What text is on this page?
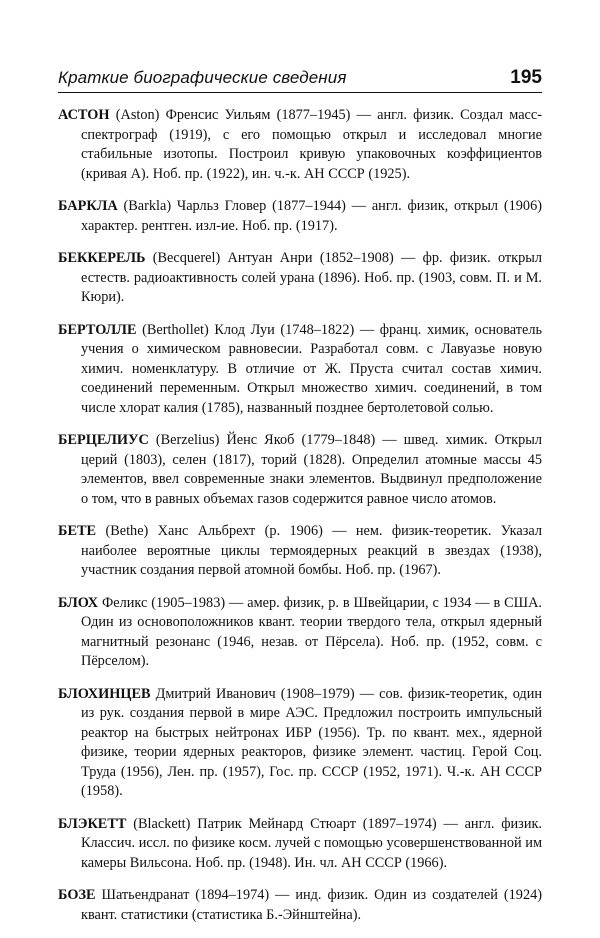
Краткие биографические сведения	195

АСТОН (Aston) Френсис Уильям (1877–1945) — англ. физик. Создал масс-спектрограф (1919), с его помощью открыл и исследовал многие стабильные изотопы. Построил кривую упаковочных коэффициентов (кривая А). Ноб. пр. (1922), ин. ч.-к. АН СССР (1925).

БАРКЛА (Barkla) Чарльз Гловер (1877–1944) — англ. физик, открыл (1906) характер. рентген. изл-ие. Ноб. пр. (1917).

БЕККЕРЕЛЬ (Becquerel) Антуан Анри (1852–1908) — фр. физик. открыл естеств. радиоактивность солей урана (1896). Ноб. пр. (1903, совм. П. и М. Кюри).

БЕРТОЛЛЕ (Berthollet) Клод Луи (1748–1822) — франц. химик, основатель учения о химическом равновесии. Разработал совм. с Лавуазье новую химич. номенклатуру. В отличие от Ж. Пруста считал состав химич. соединений переменным. Открыл множество химич. соединений, в том числе хлорат калия (1785), названный позднее бертолетовой солью.

БЕРЦЕЛИУС (Berzelius) Йенс Якоб (1779–1848) — швед. химик. Открыл церий (1803), селен (1817), торий (1828). Определил атомные массы 45 элементов, ввел современные знаки элементов. Выдвинул предположение о том, что в равных объемах газов содержится равное число атомов.

БЕТЕ (Bethe) Ханс Альбрехт (р. 1906) — нем. физик-теоретик. Указал наиболее вероятные циклы термоядерных реакций в звездах (1938), участник создания первой атомной бомбы. Ноб. пр. (1967).

БЛОХ Феликс (1905–1983) — амер. физик, р. в Швейцарии, с 1934 — в США. Один из основоположников квант. теории твердого тела, открыл ядерный магнитный резонанс (1946, незав. от Пёрсела). Ноб. пр. (1952, совм. с Пёрселом).

БЛОХИНЦЕВ Дмитрий Иванович (1908–1979) — сов. физик-теоретик, один из рук. создания первой в мире АЭС. Предложил построить импульсный реактор на быстрых нейтронах ИБР (1956). Тр. по квант. мех., ядерной физике, теории ядерных реакторов, физике элемент. частиц. Герой Соц. Труда (1956), Лен. пр. (1957), Гос. пр. СССР (1952, 1971). Ч.-к. АН СССР (1958).

БЛЭКЕТТ (Blackett) Патрик Мейнард Стюарт (1897–1974) — англ. физик. Классич. иссл. по физике косм. лучей с помощью усовершенствованной им камеры Вильсона. Ноб. пр. (1948). Ин. чл. АН СССР (1966).

БОЗЕ Шатьендранат (1894–1974) — инд. физик. Один из создателей (1924) квант. статистики (статистика Б.-Эйнштейна).
